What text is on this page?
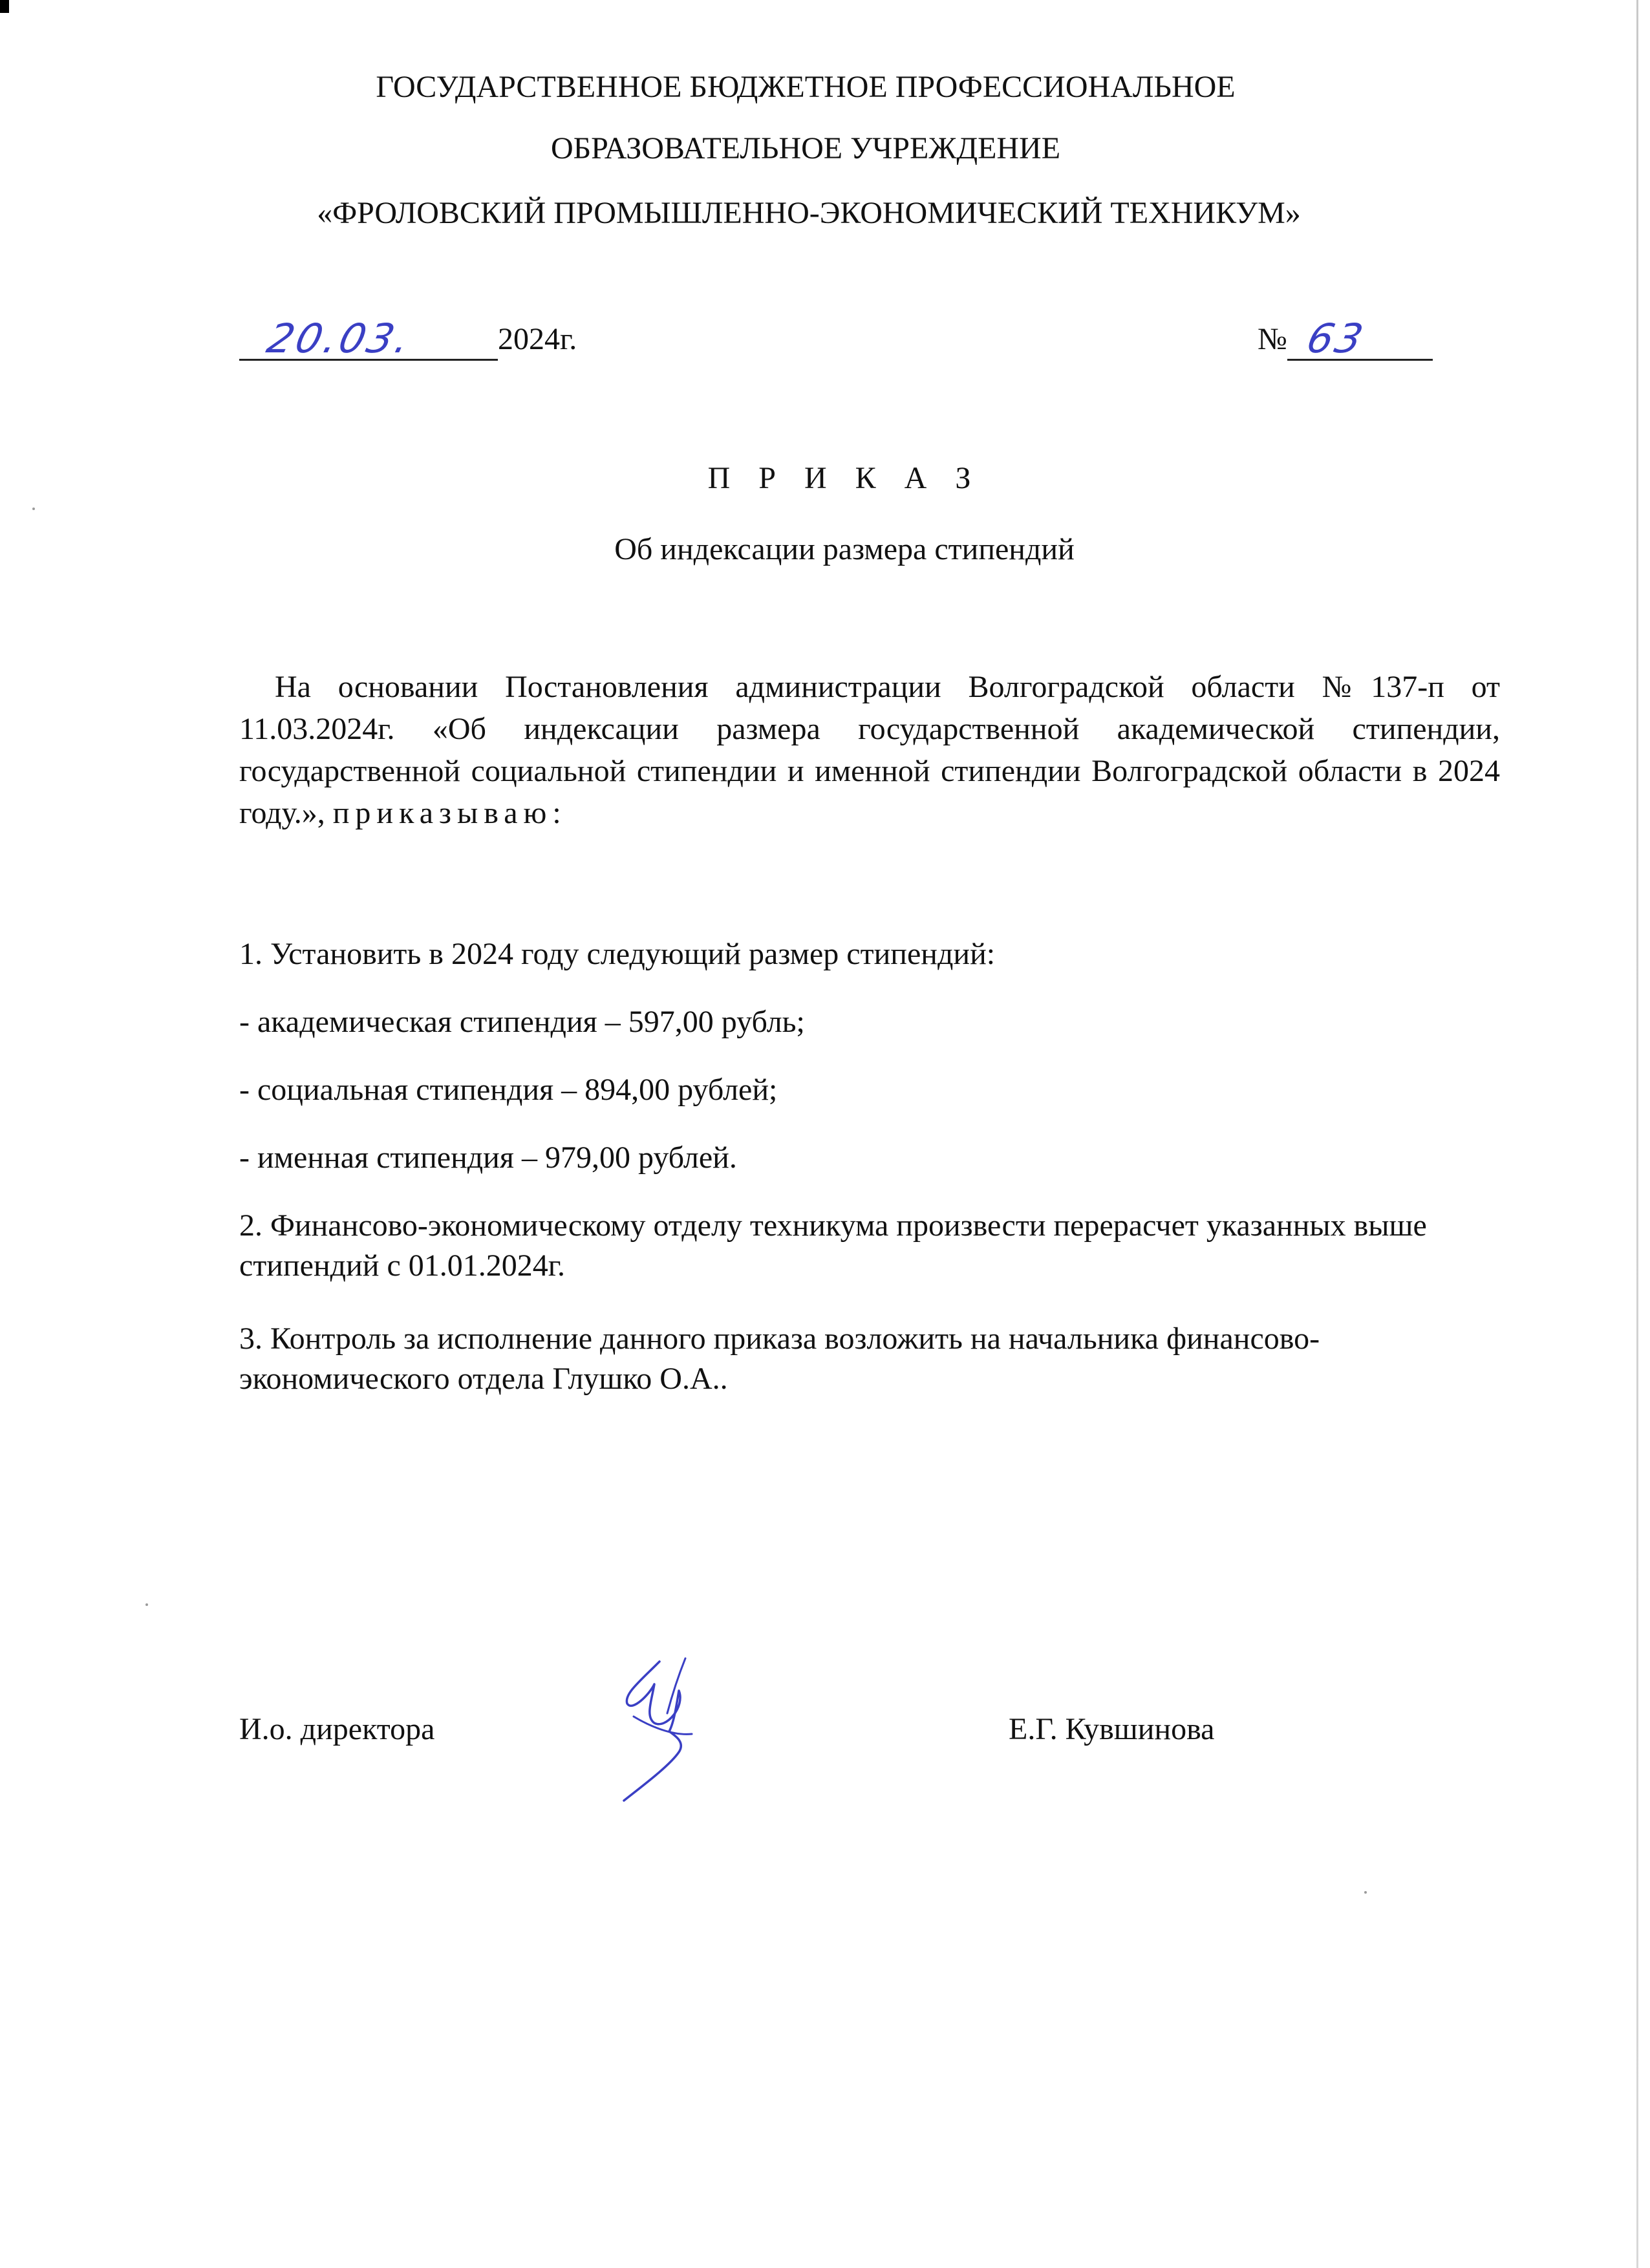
ГОСУДАРСТВЕННОЕ БЮДЖЕТНОЕ ПРОФЕССИОНАЛЬНОЕ
ОБРАЗОВАТЕЛЬНОЕ УЧРЕЖДЕНИЕ
«ФРОЛОВСКИЙ ПРОМЫШЛЕННО-ЭКОНОМИЧЕСКИЙ ТЕХНИКУМ»
20.03.	2024г.	№ 63
П Р И К А З
Об индексации размера стипендий
На основании Постановления администрации Волгоградской области №137-п от 11.03.2024г. «Об индексации размера государственной академической стипендии, государственной социальной стипендии и именной стипендии Волгоградской области в 2024 году.», приказываю:
1. Установить в 2024 году следующий размер стипендий:
- академическая стипендия – 597,00 рубль;
- социальная стипендия – 894,00 рублей;
- именная стипендия – 979,00 рублей.
2. Финансово-экономическому отделу техникума произвести перерасчет указанных выше стипендий с 01.01.2024г.
3. Контроль за исполнение данного приказа возложить на начальника финансово-экономического отдела Глушко О.А..
И.о. директора	Е.Г. Кувшинова
